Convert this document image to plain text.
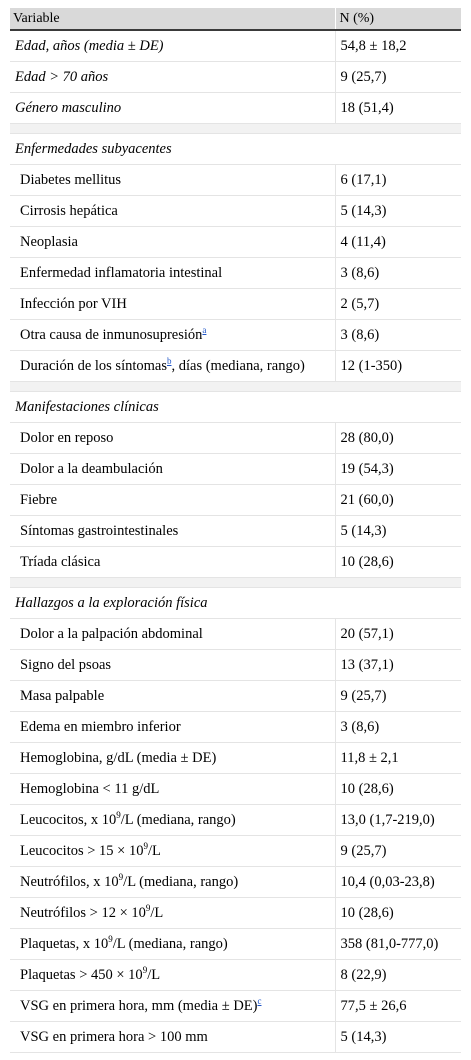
Variable	N (%)
Edad, años (media ± DE)	54,8 ± 18,2
Edad > 70 años	9 (25,7)
Género masculino	18 (51,4)

Enfermedades subyacentes	
Diabetes mellitus	6 (17,1)
Cirrosis hepática	5 (14,3)
Neoplasia	4 (11,4)
Enfermedad inflamatoria intestinal	3 (8,6)
Infección por VIH	2 (5,7)
Otra causa de inmunosupresión$^a$	3 (8,6)
Duración de los síntomas$^b$, días (mediana, rango)	12 (1-350)

Manifestaciones clínicas	
Dolor en reposo	28 (80,0)
Dolor a la deambulación	19 (54,3)
Fiebre	21 (60,0)
Síntomas gastrointestinales	5 (14,3)
Tríada clásica	10 (28,6)

Hallazgos a la exploración física	
Dolor a la palpación abdominal	20 (57,1)
Signo del psoas	13 (37,1)
Masa palpable	9 (25,7)
Edema en miembro inferior	3 (8,6)
Hemoglobina, g/dL (media ± DE)	11,8 ± 2,1
Hemoglobina < 11 g/dL	10 (28,6)
Leucocitos, x $10^9/L$ (mediana, rango)	13,0 (1,7-219,0)
Leucocitos > $15 \times 10^9/L$	9 (25,7)
Neutrófilos, x $10^9/L$ (mediana, rango)	10,4 (0,03-23,8)
Neutrófilos > $12 \times 10^9/L$	10 (28,6)
Plaquetas, x $10^9/L$ (mediana, rango)	358 (81,0-777,0)
Plaquetas > $450 \times 10^9/L$	8 (22,9)
VSG en primera hora, mm (media ± DE)$^c$	77,5 ± 26,6
VSG en primera hora > 100 mm	5 (14,3)
